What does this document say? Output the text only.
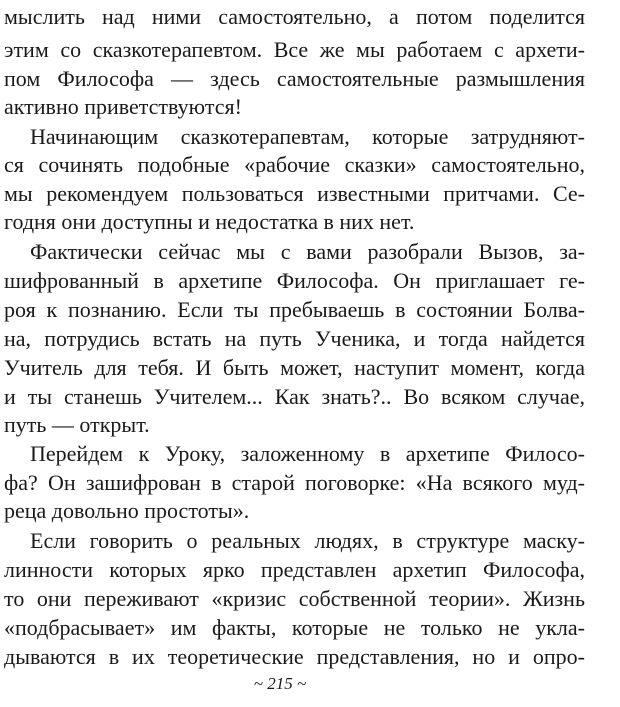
мыслить над ними самостоятельно, а потом поделится
этим со сказкотерапевтом. Все же мы работаем с архети-
пом Философа — здесь самостоятельные размышления
активно приветствуются!
Начинающим сказкотерапевтам, которые затрудняют-
ся сочинять подобные «рабочие сказки» самостоятельно,
мы рекомендуем пользоваться известными притчами. Се-
годня они доступны и недостатка в них нет.
Фактически сейчас мы с вами разобрали Вызов, за-
шифрованный в архетипе Философа. Он приглашает ге-
роя к познанию. Если ты пребываешь в состоянии Болва-
на, потрудись встать на путь Ученика, и тогда найдется
Учитель для тебя. И быть может, наступит момент, когда
и ты станешь Учителем... Как знать?.. Во всяком случае,
путь — открыт.
Перейдем к Уроку, заложенному в архетипе Филосо-
фа? Он зашифрован в старой поговорке: «На всякого муд-
реца довольно простоты».
Если говорить о реальных людях, в структуре маску-
линности которых ярко представлен архетип Философа,
то они переживают «кризис собственной теории». Жизнь
«подбрасывает» им факты, которые не только не укла-
дываются в их теоретические представления, но и опро-
~ 215 ~
